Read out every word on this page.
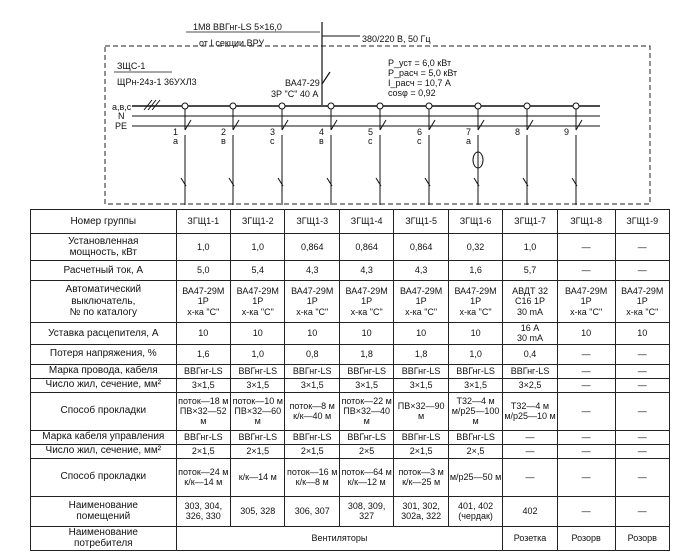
1М8 ВВГнг-LS 5×16,0
от I секции ВРУ	380/220 В, 50 Гц
ЗЩС-1
ЩРн-24з-1 36УХЛ3
P_уст = 6,0 кВт
P_расч = 5,0 кВт
I_расч = 10,7 А
cosφ = 0,92
ВА47-29
3Р "С" 40 А
а,в,с
N
PE
1
а
2
в
3
с
4
в
5
с
6
с
7
а
8	9
Номер группы	ЗГЩ1-1	ЗГЩ1-2	ЗГЩ1-3	ЗГЩ1-4	ЗГЩ1-5	ЗГЩ1-6	ЗГЩ1-7	ЗГЩ1-8	ЗГЩ1-9
Установленная
мощность, кВт	1,0	1,0	0,864	0,864	0,864	0,32	1,0	—	—
Расчетный ток, А	5,0	5,4	4,3	4,3	4,3	1,6	5,7	—	—
Автоматический
выключатель,
№ по каталогу	ВА47-29М
1Р
х-ка "С"	ВА47-29М
1Р
х-ка "С"	ВА47-29М
1Р
х-ка "С"	ВА47-29М
1Р
х-ка "С"	ВА47-29М
1Р
х-ка "С"	ВА47-29М
1Р
х-ка "С"	АВДТ 32
С16 1Р
30 mA	ВА47-29М
1Р
х-ка "С"	ВА47-29М
1Р
х-ка "С"
Уставка расцепителя, А	10	10	10	10	10	10	16 А
30 mA	10	10
Потеря напряжения, %	1,6	1,0	0,8	1,8	1,8	1,0	0,4	—	—
Марка провода, кабеля	ВВГнг-LS	ВВГнг-LS	ВВГнг-LS	ВВГнг-LS	ВВГнг-LS	ВВГнг-LS	ВВГнг-LS	—	—
Число жил, сечение, мм²	3×1,5	3×1,5	3×1,5	3×1,5	3×1,5	3×1,5	3×2,5	—	—
Способ прокладки	поток—18 м
ПВ×32—52 м	поток—10 м
ПВ×32—60 м	поток—8 м
к/к—40 м	поток—22 м
ПВ×32—40 м	ПВ×32—90 м	Т32—4 м
м/р25—100 м	Т32—4 м
м/р25—10 м	—	—
Марка кабеля управления	ВВГнг-LS	ВВГнг-LS	ВВГнг-LS	ВВГнг-LS	ВВГнг-LS	ВВГнг-LS	—	—	—
Число жил, сечение, мм²	2×1,5	2×1,5	2×1,5	2×5	2×1,5	2×,5	—	—	—
Способ прокладки	поток—24 м
к/к—14 м	к/к—14 м	поток—16 м
к/к—8 м	поток—64 м
к/к—12 м	поток—3 м
к/к—25 м	м/р25—50 м	—	—	—
Наименование
помещений	303, 304,
326, 330	305, 328	306, 307	308, 309,
327	301, 302,
302а, 322	401, 402
(чердак)	402	—	—
Наименование
потребителя	Вентиляторы						Розетка	Розорв	Розорв
